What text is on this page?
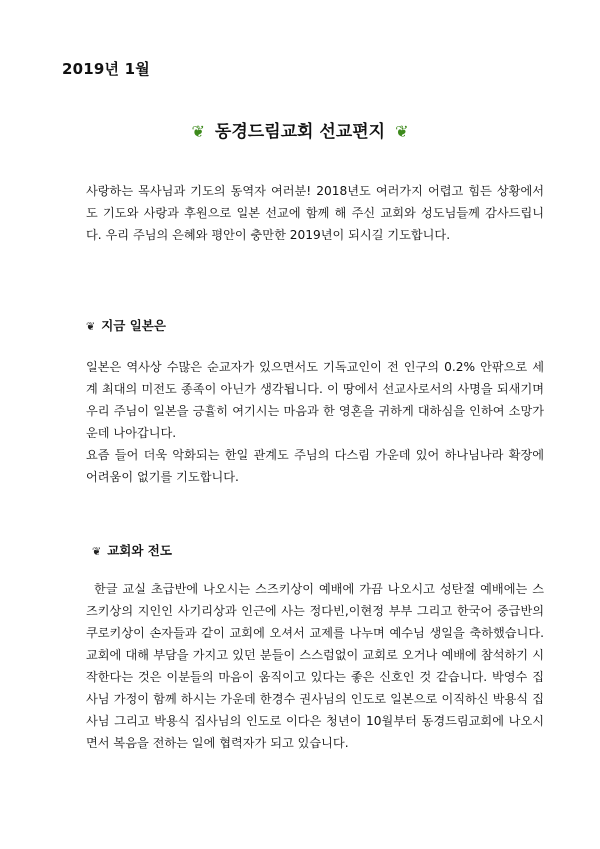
2019년 1월
❦ 동경드림교회 선교편지 ❦

사랑하는 목사님과 기도의 동역자 여러분! 2018년도 여러가지 어렵고 힘든 상황에서도 기도와 사랑과 후원으로 일본 선교에 함께 해 주신 교회와 성도님들께 감사드립니다. 우리 주님의 은혜와 평안이 충만한 2019년이 되시길 기도합니다.

❦ 지금 일본은

일본은 역사상 수많은 순교자가 있으면서도 기독교인이 전 인구의 0.2% 안팎으로 세계 최대의 미전도 종족이 아닌가 생각됩니다. 이 땅에서 선교사로서의 사명을 되새기며 우리 주님이 일본을 긍휼히 여기시는 마음과 한 영혼을 귀하게 대하심을 인하여 소망가운데 나아갑니다.

요즘 들어 더욱 악화되는 한일 관계도 주님의 다스림 가운데 있어 하나님나라 확장에 어려움이 없기를 기도합니다.

❦ 교회와 전도

한글 교실 초급반에 나오시는 스즈키상이 예배에 가끔 나오시고 성탄절 예배에는 스즈키상의 지인인 사기리상과 인근에 사는 정다빈,이현정 부부 그리고 한국어 중급반의 쿠로키상이 손자들과 같이 교회에 오셔서 교제를 나누며 예수님 생일을 축하했습니다. 교회에 대해 부담을 가지고 있던 분들이 스스럼없이 교회로 오거나 예배에 참석하기 시작한다는 것은 이분들의 마음이 움직이고 있다는 좋은 신호인 것 같습니다. 박영수 집사님 가정이 함께 하시는 가운데 한경수 권사님의 인도로 일본으로 이직하신 박용식 집사님 그리고 박용식 집사님의 인도로 이다은 청년이 10월부터 동경드림교회에 나오시면서 복음을 전하는 일에 협력자가 되고 있습니다.
